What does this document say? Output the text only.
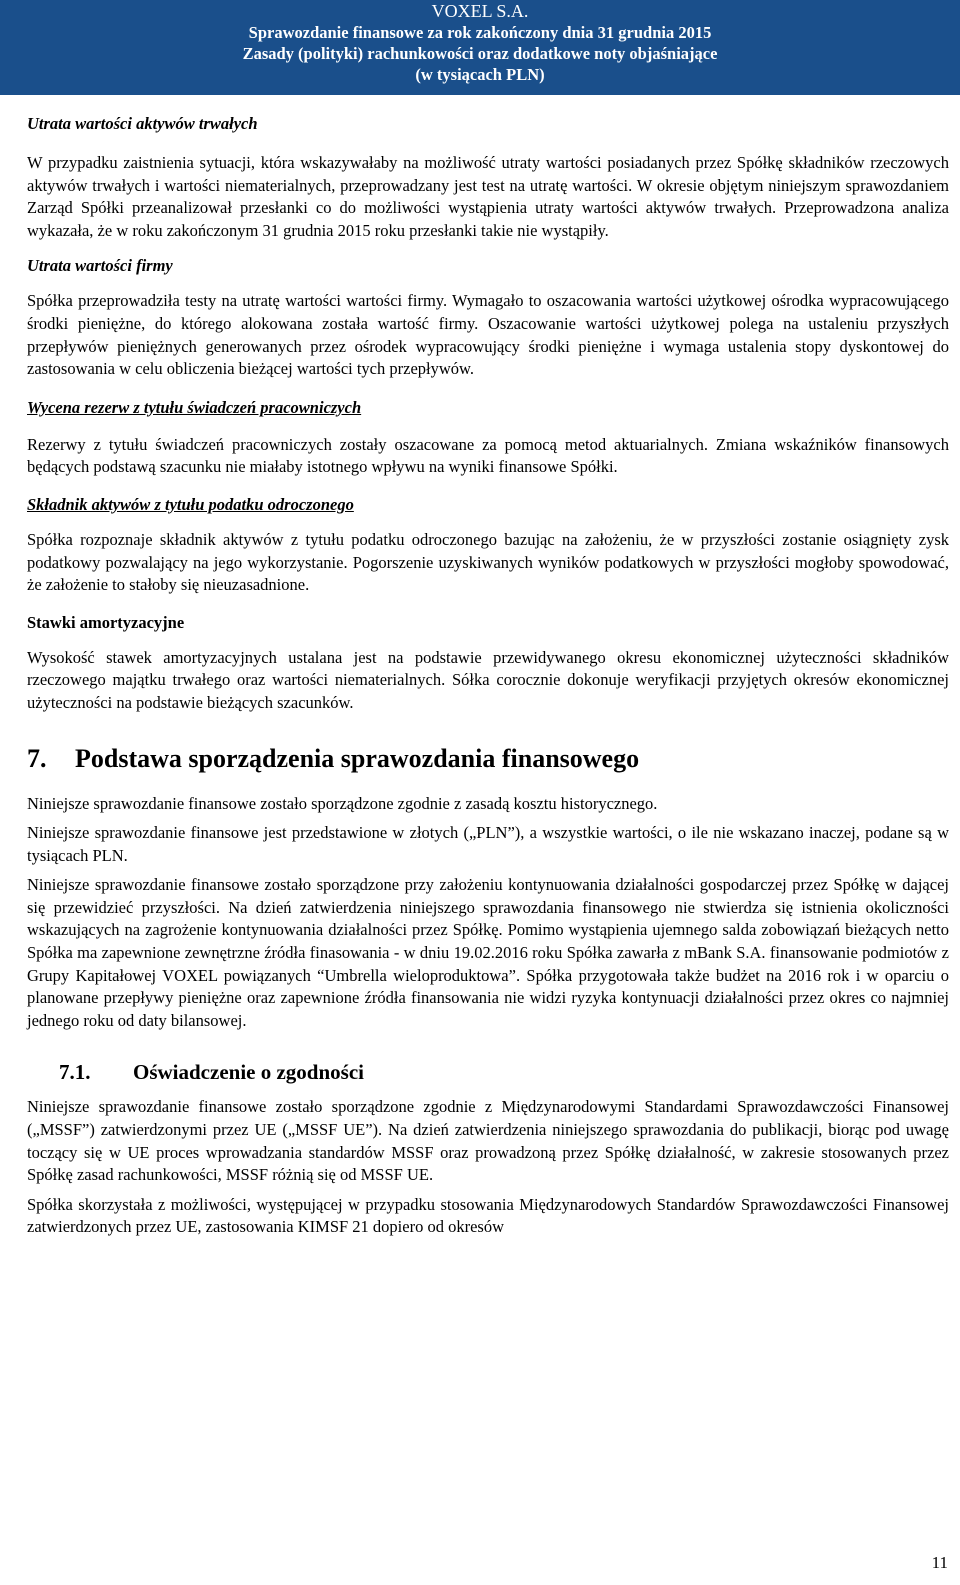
VOXEL S.A.
Sprawozdanie finansowe za rok zakończony dnia 31 grudnia 2015
Zasady (polityki) rachunkowości oraz dodatkowe noty objaśniające
(w tysiącach PLN)

Utrata wartości aktywów trwałych

W przypadku zaistnienia sytuacji, która wskazywałaby na możliwość utraty wartości posiadanych przez Spółkę składników rzeczowych aktywów trwałych i wartości niematerialnych, przeprowadzany jest test na utratę wartości. W okresie objętym niniejszym sprawozdaniem Zarząd Spółki przeanalizował przesłanki co do możliwości wystąpienia utraty wartości aktywów trwałych. Przeprowadzona analiza wykazała, że w roku zakończonym 31 grudnia 2015 roku przesłanki takie nie wystąpiły.

Utrata wartości firmy

Spółka przeprowadziła testy na utratę wartości wartości firmy. Wymagało to oszacowania wartości użytkowej ośrodka wypracowującego środki pieniężne, do którego alokowana została wartość firmy. Oszacowanie wartości użytkowej polega na ustaleniu przyszłych przepływów pieniężnych generowanych przez ośrodek wypracowujący środki pieniężne i wymaga ustalenia stopy dyskontowej do zastosowania w celu obliczenia bieżącej wartości tych przepływów.

Wycena rezerw z tytułu świadczeń pracowniczych

Rezerwy z tytułu świadczeń pracowniczych zostały oszacowane za pomocą metod aktuarialnych. Zmiana wskaźników finansowych będących podstawą szacunku nie miałaby istotnego wpływu na wyniki finansowe Spółki.

Składnik aktywów z tytułu podatku odroczonego

Spółka rozpoznaje składnik aktywów z tytułu podatku odroczonego bazując na założeniu, że w przyszłości zostanie osiągnięty zysk podatkowy pozwalający na jego wykorzystanie. Pogorszenie uzyskiwanych wyników podatkowych w przyszłości mogłoby spowodować, że założenie to stałoby się nieuzasadnione.

Stawki amortyzacyjne

Wysokość stawek amortyzacyjnych ustalana jest na podstawie przewidywanego okresu ekonomicznej użyteczności składników rzeczowego majątku trwałego oraz wartości niematerialnych. Sółka corocznie dokonuje weryfikacji przyjętych okresów ekonomicznej użyteczności na podstawie bieżących szacunków.

7.	Podstawa sporządzenia sprawozdania finansowego

Niniejsze sprawozdanie finansowe zostało sporządzone zgodnie z zasadą kosztu historycznego.

Niniejsze sprawozdanie finansowe jest przedstawione w złotych („PLN”), a wszystkie wartości, o ile nie wskazano inaczej, podane są w tysiącach PLN.

Niniejsze sprawozdanie finansowe zostało sporządzone przy założeniu kontynuowania działalności gospodarczej przez Spółkę w dającej się przewidzieć przyszłości. Na dzień zatwierdzenia niniejszego sprawozdania finansowego nie stwierdza się istnienia okoliczności wskazujących na zagrożenie kontynuowania działalności przez Spółkę. Pomimo wystąpienia ujemnego salda zobowiązań bieżących netto Spółka ma zapewnione zewnętrzne źródła finasowania - w dniu 19.02.2016 roku Spółka zawarła z mBank S.A. finansowanie podmiotów z Grupy Kapitałowej VOXEL powiązanych “Umbrella wieloproduktowa”. Spółka przygotowała także budżet na 2016 rok i w oparciu o planowane przepływy pieniężne oraz zapewnione źródła finansowania nie widzi ryzyka kontynuacji działalności przez okres co najmniej jednego roku od daty bilansowej.

7.1.	Oświadczenie o zgodności

Niniejsze sprawozdanie finansowe zostało sporządzone zgodnie z Międzynarodowymi Standardami Sprawozdawczości Finansowej („MSSF”) zatwierdzonymi przez UE („MSSF UE”). Na dzień zatwierdzenia niniejszego sprawozdania do publikacji, biorąc pod uwagę toczący się w UE proces wprowadzania standardów MSSF oraz prowadzoną przez Spółkę działalność, w zakresie stosowanych przez Spółkę zasad rachunkowości, MSSF różnią się od MSSF UE.

Spółka skorzystała z możliwości, występującej w przypadku stosowania Międzynarodowych Standardów Sprawozdawczości Finansowej zatwierdzonych przez UE, zastosowania KIMSF 21 dopiero od okresów

11
